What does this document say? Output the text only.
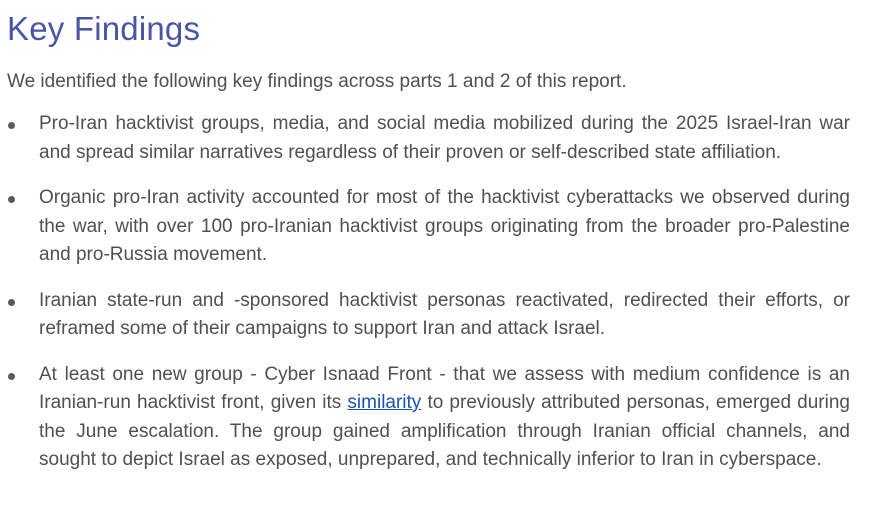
Key Findings

We identified the following key findings across parts 1 and 2 of this report.

Pro-Iran hacktivist groups, media, and social media mobilized during the 2025 Israel-Iran war and spread similar narratives regardless of their proven or self-described state affiliation.
Organic pro-Iran activity accounted for most of the hacktivist cyberattacks we observed during the war, with over 100 pro-Iranian hacktivist groups originating from the broader pro-Palestine and pro-Russia movement.
Iranian state-run and -sponsored hacktivist personas reactivated, redirected their efforts, or reframed some of their campaigns to support Iran and attack Israel.
At least one new group - Cyber Isnaad Front - that we assess with medium confidence is an Iranian-run hacktivist front, given its similarity to previously attributed personas, emerged during the June escalation. The group gained amplification through Iranian official channels, and sought to depict Israel as exposed, unprepared, and technically inferior to Iran in cyberspace.
